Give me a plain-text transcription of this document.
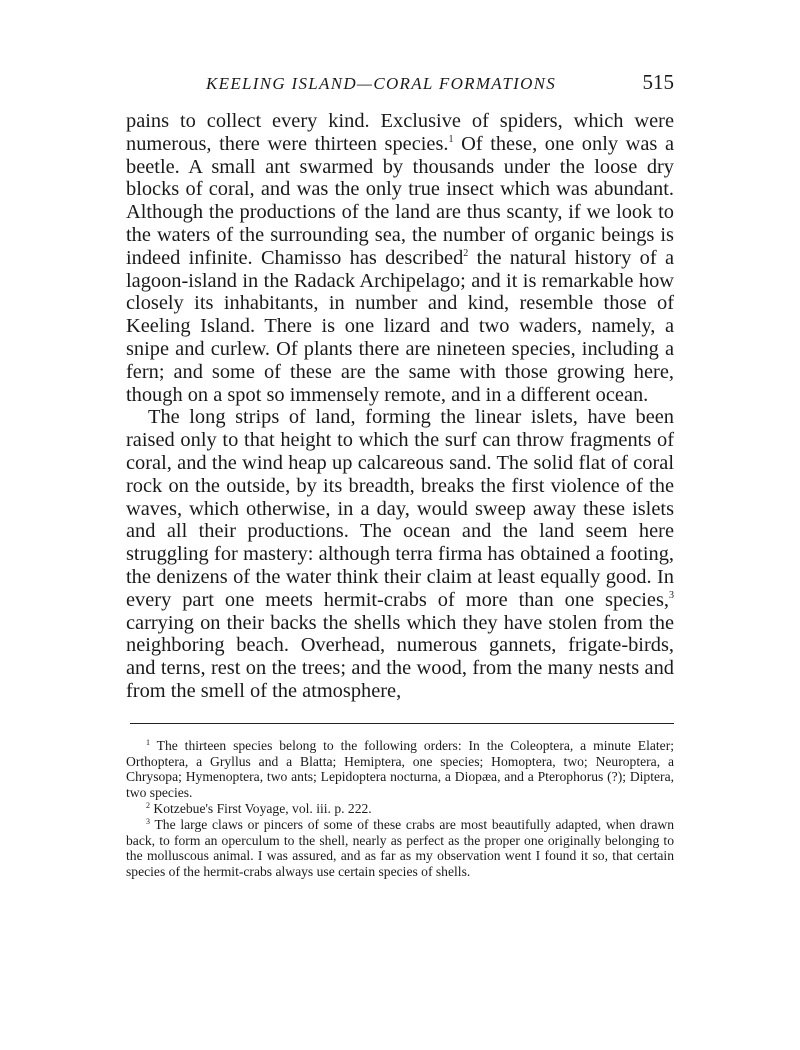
KEELING ISLAND—CORAL FORMATIONS	515

pains to collect every kind. Exclusive of spiders, which were numerous, there were thirteen species.$^1$ Of these, one only was a beetle. A small ant swarmed by thousands under the loose dry blocks of coral, and was the only true insect which was abundant. Although the productions of the land are thus scanty, if we look to the waters of the surrounding sea, the number of organic beings is indeed infinite. Chamisso has described$^2$ the natural history of a lagoon-island in the Radack Archipelago; and it is remarkable how closely its inhabitants, in number and kind, resemble those of Keeling Island. There is one lizard and two waders, namely, a snipe and curlew. Of plants there are nineteen species, including a fern; and some of these are the same with those growing here, though on a spot so immensely remote, and in a different ocean.

The long strips of land, forming the linear islets, have been raised only to that height to which the surf can throw fragments of coral, and the wind heap up calcareous sand. The solid flat of coral rock on the outside, by its breadth, breaks the first violence of the waves, which otherwise, in a day, would sweep away these islets and all their productions. The ocean and the land seem here struggling for mastery: although terra firma has obtained a footing, the denizens of the water think their claim at least equally good. In every part one meets hermit-crabs of more than one species,$^3$ carrying on their backs the shells which they have stolen from the neighboring beach. Overhead, numerous gannets, frigate-birds, and terns, rest on the trees; and the wood, from the many nests and from the smell of the atmosphere,

$^1$ The thirteen species belong to the following orders: In the Coleoptera, a minute Elater; Orthoptera, a Gryllus and a Blatta; Hemiptera, one species; Homoptera, two; Neuroptera, a Chrysopa; Hymenoptera, two ants; Lepidoptera nocturna, a Diopæa, and a Pterophorus (?); Diptera, two species.

$^2$ Kotzebue's First Voyage, vol. iii. p. 222.

$^3$ The large claws or pincers of some of these crabs are most beautifully adapted, when drawn back, to form an operculum to the shell, nearly as perfect as the proper one originally belonging to the molluscous animal. I was assured, and as far as my observation went I found it so, that certain species of the hermit-crabs always use certain species of shells.
